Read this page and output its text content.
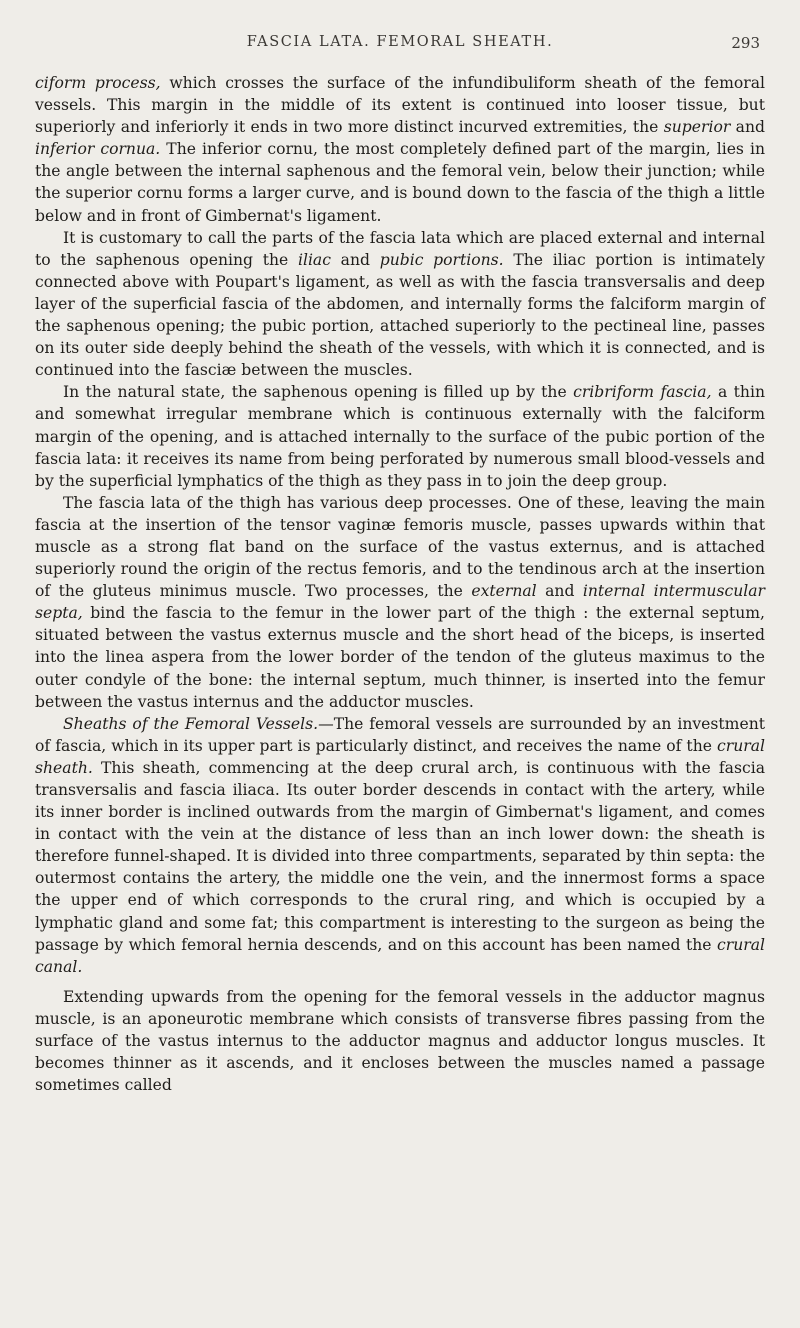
FASCIA LATA. FEMORAL SHEATH.	293

ciform process, which crosses the surface of the infundibuliform sheath of the femoral vessels. This margin in the middle of its extent is continued into looser tissue, but superiorly and inferiorly it ends in two more distinct incurved extremities, the superior and inferior cornua. The inferior cornu, the most completely defined part of the margin, lies in the angle between the internal saphenous and the femoral vein, below their junction; while the superior cornu forms a larger curve, and is bound down to the fascia of the thigh a little below and in front of Gimbernat's ligament.

It is customary to call the parts of the fascia lata which are placed external and internal to the saphenous opening the iliac and pubic portions. The iliac portion is intimately connected above with Poupart's ligament, as well as with the fascia transversalis and deep layer of the superficial fascia of the abdomen, and internally forms the falciform margin of the saphenous opening; the pubic portion, attached superiorly to the pectineal line, passes on its outer side deeply behind the sheath of the vessels, with which it is connected, and is continued into the fasciæ between the muscles.

In the natural state, the saphenous opening is filled up by the cribriform fascia, a thin and somewhat irregular membrane which is continuous externally with the falciform margin of the opening, and is attached internally to the surface of the pubic portion of the fascia lata: it receives its name from being perforated by numerous small blood-vessels and by the superficial lymphatics of the thigh as they pass in to join the deep group.

The fascia lata of the thigh has various deep processes. One of these, leaving the main fascia at the insertion of the tensor vaginæ femoris muscle, passes upwards within that muscle as a strong flat band on the surface of the vastus externus, and is attached superiorly round the origin of the rectus femoris, and to the tendinous arch at the insertion of the gluteus minimus muscle. Two processes, the external and internal intermuscular septa, bind the fascia to the femur in the lower part of the thigh : the external septum, situated between the vastus externus muscle and the short head of the biceps, is inserted into the linea aspera from the lower border of the tendon of the gluteus maximus to the outer condyle of the bone: the internal septum, much thinner, is inserted into the femur between the vastus internus and the adductor muscles.

Sheaths of the Femoral Vessels.—The femoral vessels are surrounded by an investment of fascia, which in its upper part is particularly distinct, and receives the name of the crural sheath. This sheath, commencing at the deep crural arch, is continuous with the fascia transversalis and fascia iliaca. Its outer border descends in contact with the artery, while its inner border is inclined outwards from the margin of Gimbernat's ligament, and comes in contact with the vein at the distance of less than an inch lower down: the sheath is therefore funnel-shaped. It is divided into three compartments, separated by thin septa: the outermost contains the artery, the middle one the vein, and the innermost forms a space the upper end of which corresponds to the crural ring, and which is occupied by a lymphatic gland and some fat; this compartment is interesting to the surgeon as being the passage by which femoral hernia descends, and on this account has been named the crural canal.

Extending upwards from the opening for the femoral vessels in the adductor magnus muscle, is an aponeurotic membrane which consists of transverse fibres passing from the surface of the vastus internus to the adductor magnus and adductor longus muscles. It becomes thinner as it ascends, and it encloses between the muscles named a passage sometimes called
